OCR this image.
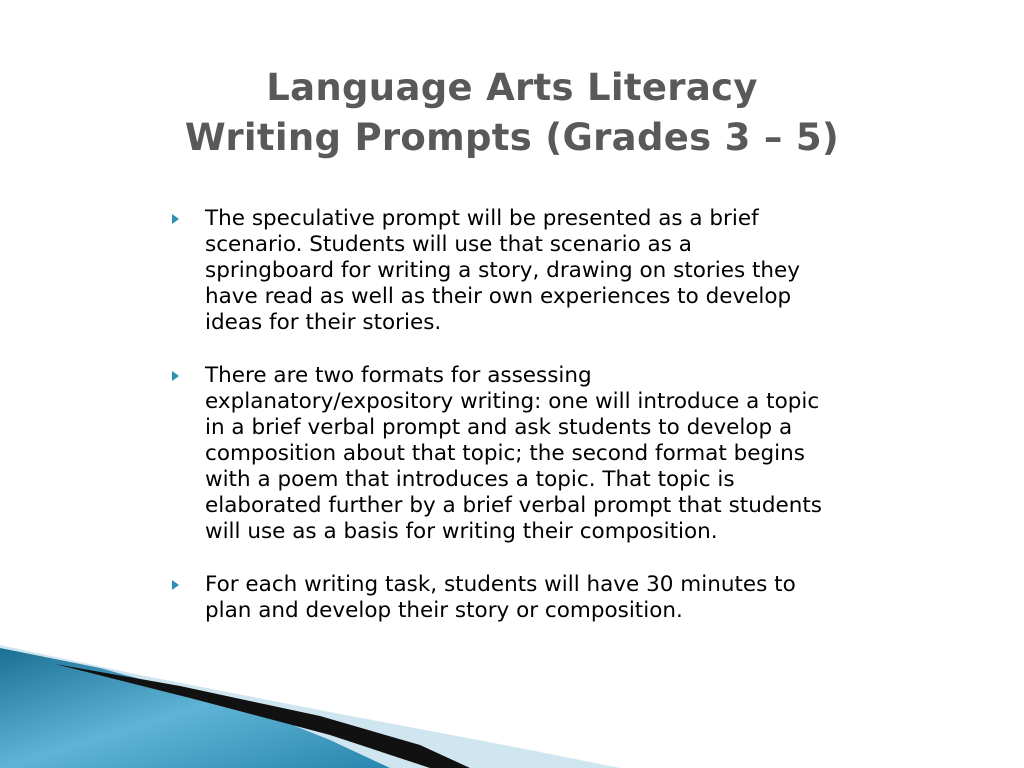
Language Arts Literacy
Writing Prompts (Grades 3 – 5)
The speculative prompt will be presented as a brief
scenario. Students will use that scenario as a
springboard for writing a story, drawing on stories they
have read as well as their own experiences to develop
ideas for their stories.
There are two formats for assessing
explanatory/expository writing: one will introduce a topic
in a brief verbal prompt and ask students to develop a
composition about that topic; the second format begins
with a poem that introduces a topic. That topic is
elaborated further by a brief verbal prompt that students
will use as a basis for writing their composition.
For each writing task, students will have 30 minutes to
plan and develop their story or composition.
